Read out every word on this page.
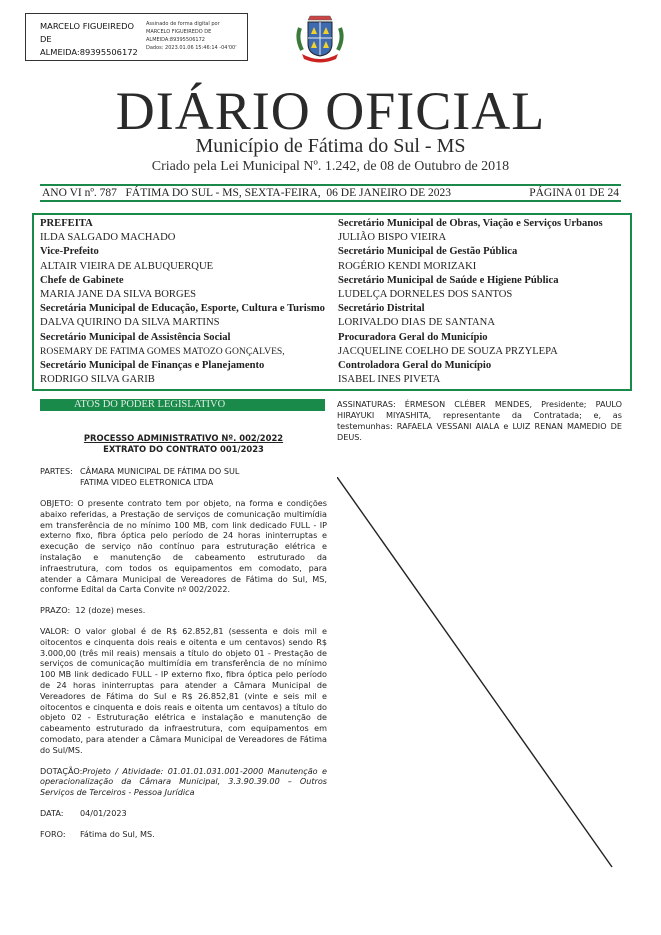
MARCELO FIGUEIREDO
DE
ALMEIDA:89395506172
Assinado de forma digital por
MARCELO FIGUEIREDO DE
ALMEIDA:89395506172
Dados: 2023.01.06 15:46:14 -04'00'
DIÁRIO OFICIAL
Município de Fátima do Sul - MS
Criado pela Lei Municipal Nº. 1.242, de 08 de Outubro de 2018
ANO VI nº. 787   FÁTIMA DO SUL - MS, SEXTA-FEIRA,  06 DE JANEIRO DE 2023	PÁGINA 01 DE 24
PREFEITA
ILDA SALGADO MACHADO
Vice-Prefeito
ALTAIR VIEIRA DE ALBUQUERQUE
Chefe de Gabinete
MARIA JANE DA SILVA BORGES
Secretária Municipal de Educação, Esporte, Cultura e Turismo
DALVA QUIRINO DA SILVA MARTINS
Secretário Municipal de Assistência Social
ROSEMARY DE FATIMA GOMES MATOZO GONÇALVES,
Secretário Municipal de Finanças e Planejamento
RODRIGO SILVA GARIB
Secretário Municipal de Obras, Viação e Serviços Urbanos
JULIÃO BISPO VIEIRA
Secretário Municipal de Gestão Pública
ROGÉRIO KENDI MORIZAKI
Secretário Municipal de Saúde e Higiene Pública
LUDELÇA DORNELES DOS SANTOS
Secretário Distrital
LORIVALDO DIAS DE SANTANA
Procuradora Geral do Município
JACQUELINE COELHO DE SOUZA PRZYLEPA
Controladora Geral do Município
ISABEL INES PIVETA
ATOS DO PODER LEGISLATIVO
PROCESSO ADMINISTRATIVO Nº. 002/2022
EXTRATO DO CONTRATO 001/2023
PARTES: CÂMARA MUNICIPAL DE FÁTIMA DO SUL
FATIMA VIDEO ELETRONICA LTDA

OBJETO: O presente contrato tem por objeto, na forma e condições abaixo referidas, a Prestação de serviços de comunicação multimídia em transferência de no mínimo 100 MB, com link dedicado FULL - IP externo fixo, fibra óptica pelo período de 24 horas ininterruptas e execução de serviço não contínuo para estruturação elétrica e instalação e manutenção de cabeamento estruturado da infraestrutura, com todos os equipamentos em comodato, para atender a Câmara Municipal de Vereadores de Fátima do Sul, MS, conforme Edital da Carta Convite nº 002/2022.

PRAZO:  12 (doze) meses.

VALOR: O valor global é de R$ 62.852,81 (sessenta e dois mil e oitocentos e cinquenta dois reais e oitenta e um centavos) sendo R$ 3.000,00 (três mil reais) mensais a título do objeto 01 - Prestação de serviços de comunicação multimídia em transferência de no mínimo 100 MB link dedicado FULL - IP externo fixo, fibra óptica pelo período de 24 horas ininterruptas para atender a Câmara Municipal de Vereadores de Fátima do Sul e R$ 26.852,81 (vinte e seis mil e oitocentos e cinquenta e dois reais e oitenta um centavos) a título do objeto 02 - Estruturação elétrica e instalação e manutenção de cabeamento estruturado da infraestrutura, com equipamentos em comodato, para atender a Câmara Municipal de Vereadores de Fátima do Sul/MS.

DOTAÇÃO:Projeto / Atividade: 01.01.01.031.001-2000 Manutenção e operacionalização da Câmara Municipal, 3.3.90.39.00 – Outros Serviços de Terceiros - Pessoa Jurídica

DATA: 04/01/2023

FORO: Fátima do Sul, MS.

ASSINATURAS: ÉRMESON CLÉBER MENDES, Presidente; PAULO HIRAYUKI MIYASHITA, representante da Contratada; e, as testemunhas: RAFAELA VESSANI AIALA e LUIZ RENAN MAMEDIO DE DEUS.
